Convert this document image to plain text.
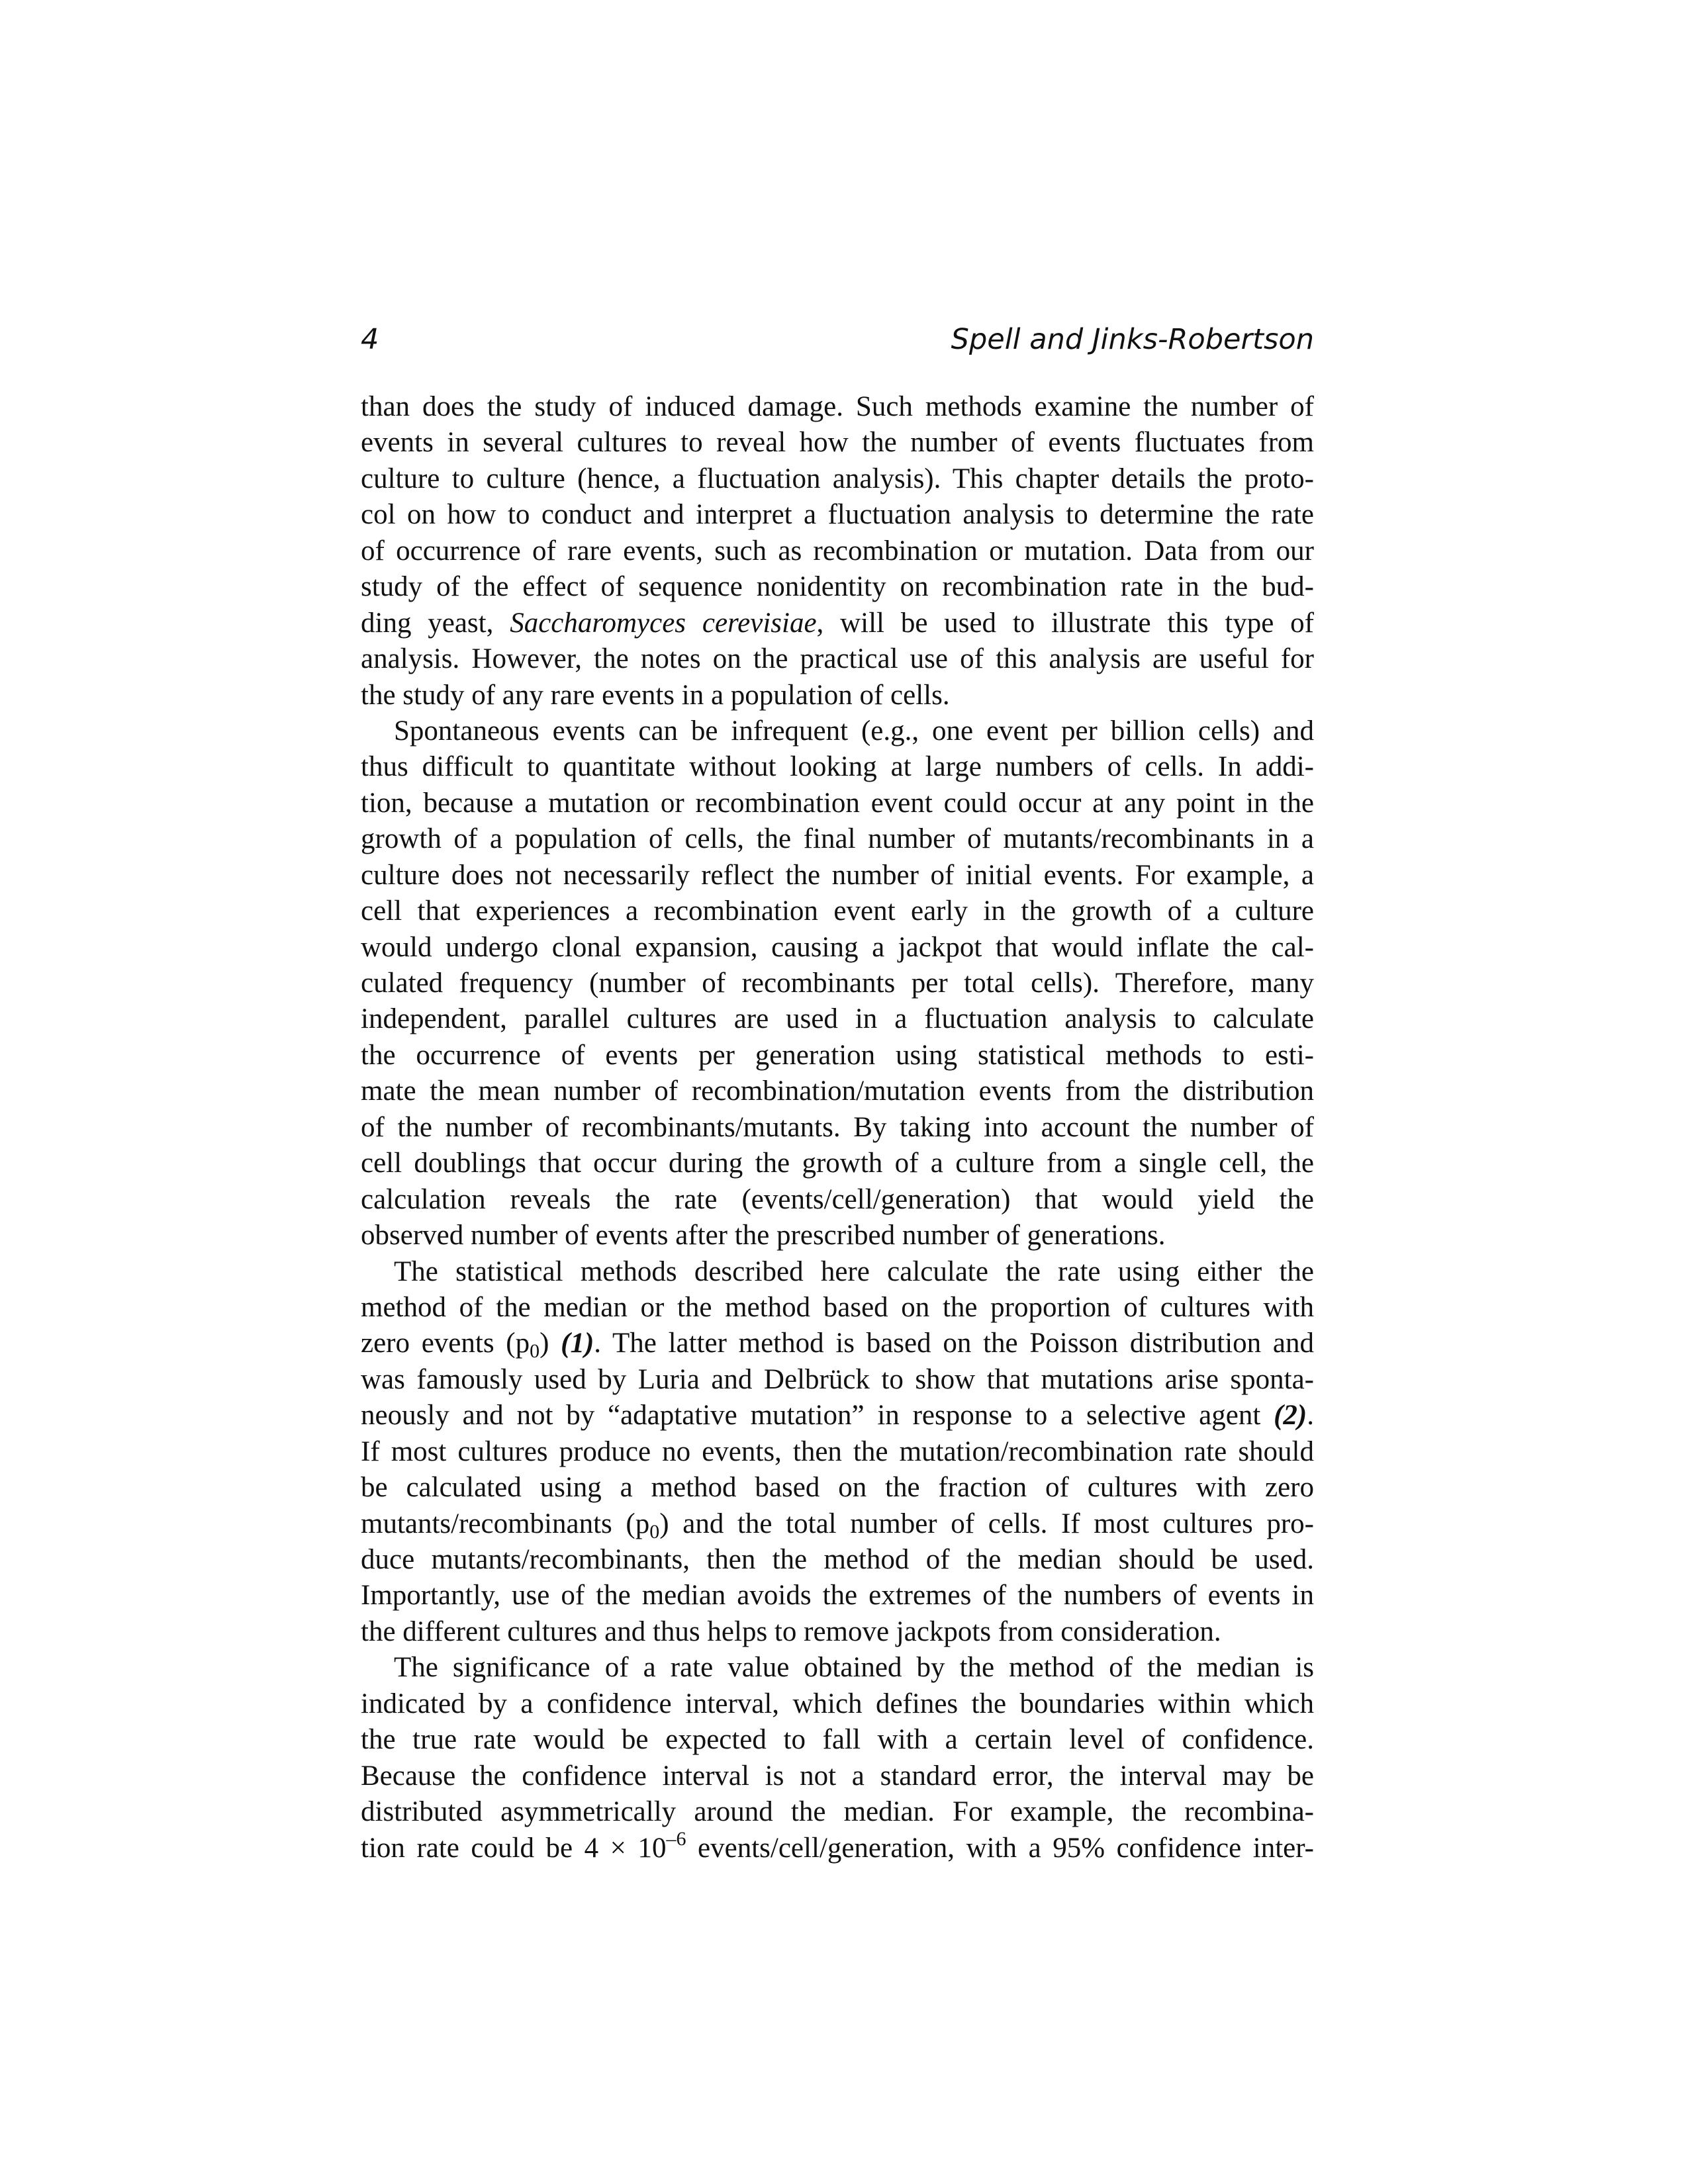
4	Spell and Jinks-Robertson
than does the study of induced damage. Such methods examine the number of
events in several cultures to reveal how the number of events fluctuates from
culture to culture (hence, a fluctuation analysis). This chapter details the proto-
col on how to conduct and interpret a fluctuation analysis to determine the rate
of occurrence of rare events, such as recombination or mutation. Data from our
study of the effect of sequence nonidentity on recombination rate in the bud-
ding yeast, Saccharomyces cerevisiae, will be used to illustrate this type of
analysis. However, the notes on the practical use of this analysis are useful for
the study of any rare events in a population of cells.
Spontaneous events can be infrequent (e.g., one event per billion cells) and
thus difficult to quantitate without looking at large numbers of cells. In addi-
tion, because a mutation or recombination event could occur at any point in the
growth of a population of cells, the final number of mutants/recombinants in a
culture does not necessarily reflect the number of initial events. For example, a
cell that experiences a recombination event early in the growth of a culture
would undergo clonal expansion, causing a jackpot that would inflate the cal-
culated frequency (number of recombinants per total cells). Therefore, many
independent, parallel cultures are used in a fluctuation analysis to calculate
the occurrence of events per generation using statistical methods to esti-
mate the mean number of recombination/mutation events from the distribution
of the number of recombinants/mutants. By taking into account the number of
cell doublings that occur during the growth of a culture from a single cell, the
calculation reveals the rate (events/cell/generation) that would yield the
observed number of events after the prescribed number of generations.
The statistical methods described here calculate the rate using either the
method of the median or the method based on the proportion of cultures with
zero events $(p_0)$ (1). The latter method is based on the Poisson distribution and
was famously used by Luria and Delbrück to show that mutations arise sponta-
neously and not by “adaptative mutation” in response to a selective agent (2).
If most cultures produce no events, then the mutation/recombination rate should
be calculated using a method based on the fraction of cultures with zero
mutants/recombinants $(p_0)$ and the total number of cells. If most cultures pro-
duce mutants/recombinants, then the method of the median should be used.
Importantly, use of the median avoids the extremes of the numbers of events in
the different cultures and thus helps to remove jackpots from consideration.
The significance of a rate value obtained by the method of the median is
indicated by a confidence interval, which defines the boundaries within which
the true rate would be expected to fall with a certain level of confidence.
Because the confidence interval is not a standard error, the interval may be
distributed asymmetrically around the median. For example, the recombina-
tion rate could be $4 \times 10^{-6}$ events/cell/generation, with a 95% confidence inter-
